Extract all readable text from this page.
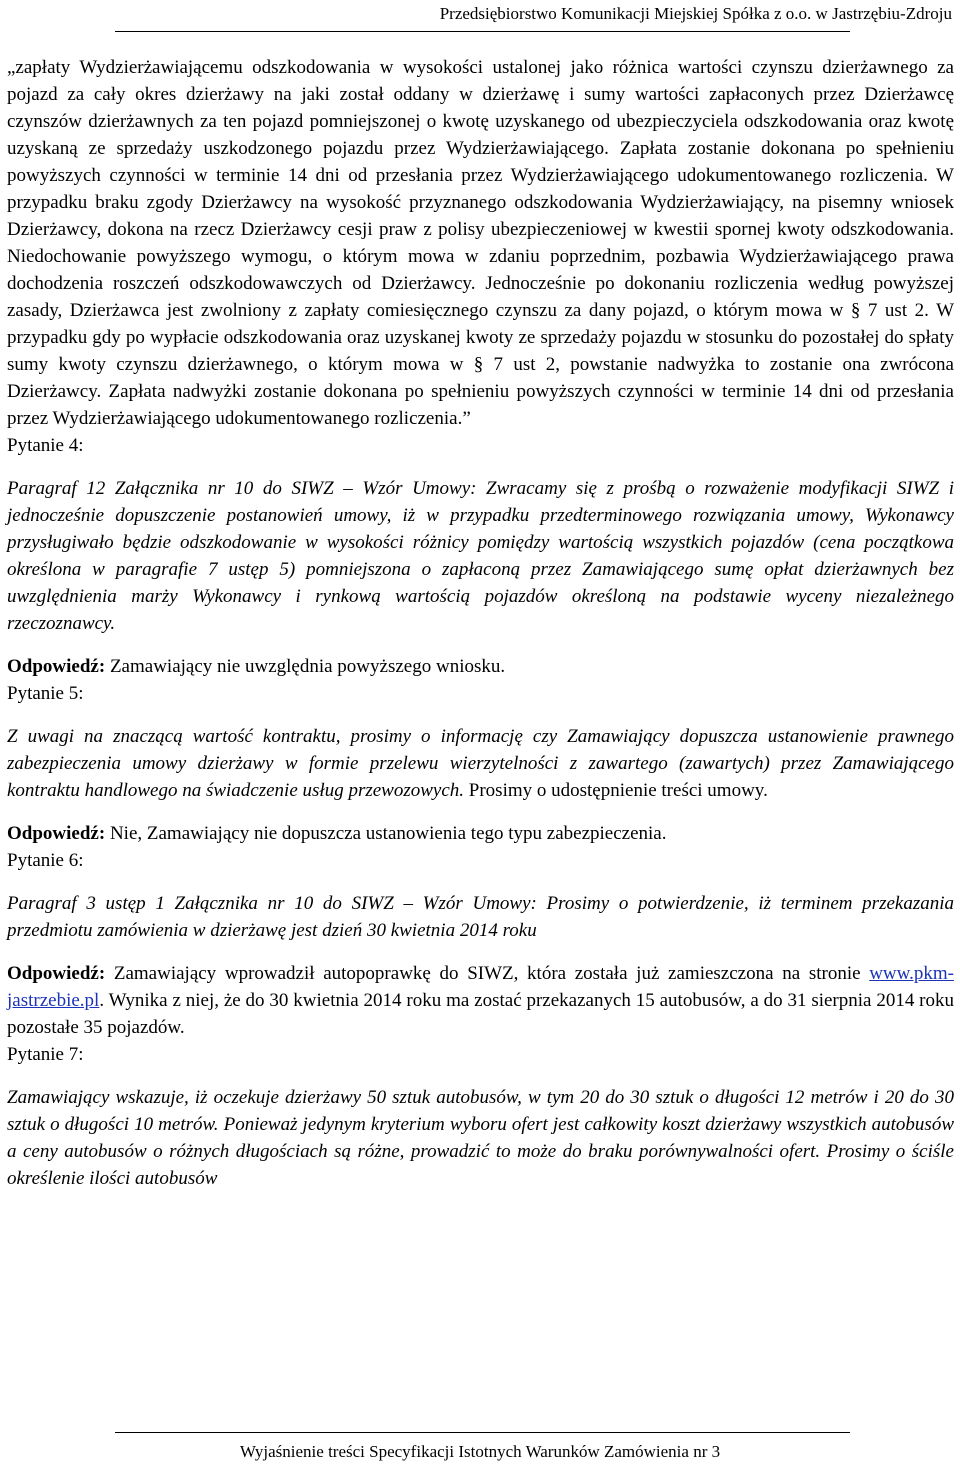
Przedsiębiorstwo Komunikacji Miejskiej Spółka z o.o. w Jastrzębiu-Zdroju

„zapłaty Wydzierżawiającemu odszkodowania w wysokości ustalonej jako różnica wartości czynszu dzierżawnego za pojazd za cały okres dzierżawy na jaki został oddany w dzierżawę i sumy wartości zapłaconych przez Dzierżawcę czynszów dzierżawnych za ten pojazd pomniejszonej o kwotę uzyskanego od ubezpieczyciela odszkodowania oraz kwotę uzyskaną ze sprzedaży uszkodzonego pojazdu przez Wydzierżawiającego. Zapłata zostanie dokonana po spełnieniu powyższych czynności w terminie 14 dni od przesłania przez Wydzierżawiającego udokumentowanego rozliczenia. W przypadku braku zgody Dzierżawcy na wysokość przyznanego odszkodowania Wydzierżawiający, na pisemny wniosek Dzierżawcy, dokona na rzecz Dzierżawcy cesji praw z polisy ubezpieczeniowej w kwestii spornej kwoty odszkodowania. Niedochowanie powyższego wymogu, o którym mowa w zdaniu poprzednim, pozbawia Wydzierżawiającego prawa dochodzenia roszczeń odszkodowawczych od Dzierżawcy. Jednocześnie po dokonaniu rozliczenia według powyższej zasady, Dzierżawca jest zwolniony z zapłaty comiesięcznego czynszu za dany pojazd, o którym mowa w § 7 ust 2. W przypadku gdy po wypłacie odszkodowania oraz uzyskanej kwoty ze sprzedaży pojazdu w stosunku do pozostałej do spłaty sumy kwoty czynszu dzierżawnego, o którym mowa w § 7 ust 2, powstanie nadwyżka to zostanie ona zwrócona Dzierżawcy. Zapłata nadwyżki zostanie dokonana po spełnieniu powyższych czynności w terminie 14 dni od przesłania przez Wydzierżawiającego udokumentowanego rozliczenia.”

Pytanie 4:

Paragraf 12 Załącznika nr 10 do SIWZ – Wzór Umowy: Zwracamy się z prośbą o rozważenie modyfikacji SIWZ i jednocześnie dopuszczenie postanowień umowy, iż w przypadku przedterminowego rozwiązania umowy, Wykonawcy przysługiwało będzie odszkodowanie w wysokości różnicy pomiędzy wartością wszystkich pojazdów (cena początkowa określona w paragrafie 7 ustęp 5) pomniejszona o zapłaconą przez Zamawiającego sumę opłat dzierżawnych bez uwzględnienia marży Wykonawcy i rynkową wartością pojazdów określoną na podstawie wyceny niezależnego rzeczoznawcy.

Odpowiedź: Zamawiający nie uwzględnia powyższego wniosku.

Pytanie 5:

Z uwagi na znaczącą wartość kontraktu, prosimy o informację czy Zamawiający dopuszcza ustanowienie prawnego zabezpieczenia umowy dzierżawy w formie przelewu wierzytelności z zawartego (zawartych) przez Zamawiającego kontraktu handlowego na świadczenie usług przewozowych. Prosimy o udostępnienie treści umowy.

Odpowiedź: Nie, Zamawiający nie dopuszcza ustanowienia tego typu zabezpieczenia.

Pytanie 6:

Paragraf 3 ustęp 1 Załącznika nr 10 do SIWZ – Wzór Umowy: Prosimy o potwierdzenie, iż terminem przekazania przedmiotu zamówienia w dzierżawę jest dzień 30 kwietnia 2014 roku

Odpowiedź: Zamawiający wprowadził autopoprawkę do SIWZ, która została już zamieszczona na stronie www.pkm-jastrzebie.pl. Wynika z niej, że do 30 kwietnia 2014 roku ma zostać przekazanych 15 autobusów, a do 31 sierpnia 2014 roku pozostałe 35 pojazdów.

Pytanie 7:

Zamawiający wskazuje, iż oczekuje dzierżawy 50 sztuk autobusów, w tym 20 do 30 sztuk o długości 12 metrów i 20 do 30 sztuk o długości 10 metrów. Ponieważ jedynym kryterium wyboru ofert jest całkowity koszt dzierżawy wszystkich autobusów a ceny autobusów o różnych długościach są różne, prowadzić to może do braku porównywalności ofert. Prosimy o ściśle określenie ilości autobusów

Wyjaśnienie treści Specyfikacji Istotnych Warunków Zamówienia nr 3
